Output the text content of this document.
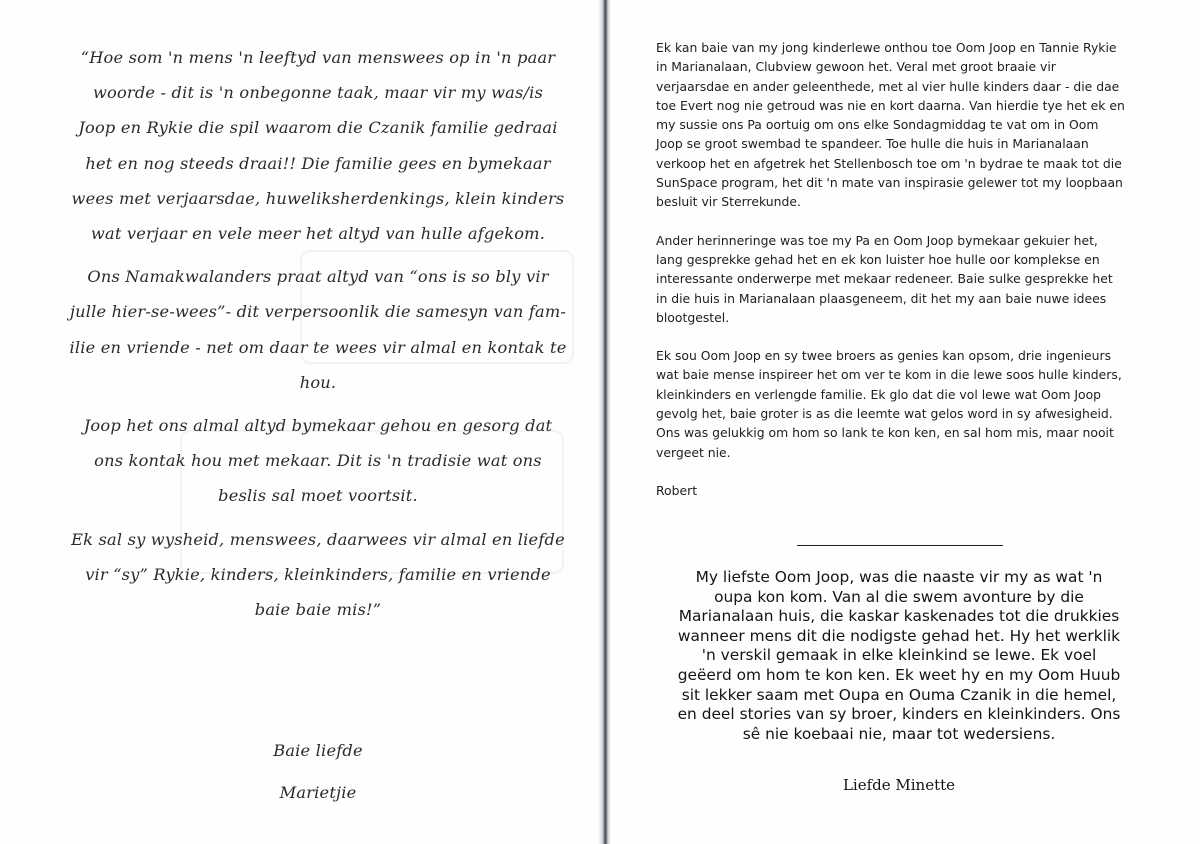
“Hoe som 'n mens 'n leeftyd van menswees op in 'n paar

woorde - dit is 'n onbegonne taak, maar vir my was/is

Joop en Rykie die spil waarom die Czanik familie gedraai

het en nog steeds draai!! Die familie gees en bymekaar

wees met verjaarsdae, huweliksherdenkings, klein kinders

wat verjaar en vele meer het altyd van hulle afgekom.

Ons Namakwalanders praat altyd van “ons is so bly vir

julle hier-se-wees”- dit verpersoonlik die samesyn van fam-

ilie en vriende - net om daar te wees vir almal en kontak te

hou.

Joop het ons almal altyd bymekaar gehou en gesorg dat

ons kontak hou met mekaar. Dit is 'n tradisie wat ons

beslis sal moet voortsit.

Ek sal sy wysheid, menswees, daarwees vir almal en liefde

vir “sy” Rykie, kinders, kleinkinders, familie en vriende

baie baie mis!”

Baie liefde

Marietjie

Ek kan baie van my jong kinderlewe onthou toe Oom Joop en Tannie Rykie
in Marianalaan, Clubview gewoon het. Veral met groot braaie vir
verjaarsdae en ander geleenthede, met al vier hulle kinders daar - die dae
toe Evert nog nie getroud was nie en kort daarna. Van hierdie tye het ek en
my sussie ons Pa oortuig om ons elke Sondagmiddag te vat om in Oom
Joop se groot swembad te spandeer. Toe hulle die huis in Marianalaan
verkoop het en afgetrek het Stellenbosch toe om 'n bydrae te maak tot die
SunSpace program, het dit 'n mate van inspirasie gelewer tot my loopbaan
besluit vir Sterrekunde.
Ander herinneringe was toe my Pa en Oom Joop bymekaar gekuier het,
lang gesprekke gehad het en ek kon luister hoe hulle oor komplekse en
interessante onderwerpe met mekaar redeneer. Baie sulke gesprekke het
in die huis in Marianalaan plaasgeneem, dit het my aan baie nuwe idees
blootgestel.
Ek sou Oom Joop en sy twee broers as genies kan opsom, drie ingenieurs
wat baie mense inspireer het om ver te kom in die lewe soos hulle kinders,
kleinkinders en verlengde familie. Ek glo dat die vol lewe wat Oom Joop
gevolg het, baie groter is as die leemte wat gelos word in sy afwesigheid.
Ons was gelukkig om hom so lank te kon ken, en sal hom mis, maar nooit
vergeet nie.
Robert
My liefste Oom Joop, was die naaste vir my as wat 'n
oupa kon kom. Van al die swem avonture by die
Marianalaan huis, die kaskar kaskenades tot die drukkies
wanneer mens dit die nodigste gehad het. Hy het werklik
'n verskil gemaak in elke kleinkind se lewe. Ek voel
geëerd om hom te kon ken. Ek weet hy en my Oom Huub
sit lekker saam met Oupa en Ouma Czanik in die hemel,
en deel stories van sy broer, kinders en kleinkinders. Ons
sê nie koebaai nie, maar tot wedersiens.
Liefde Minette
